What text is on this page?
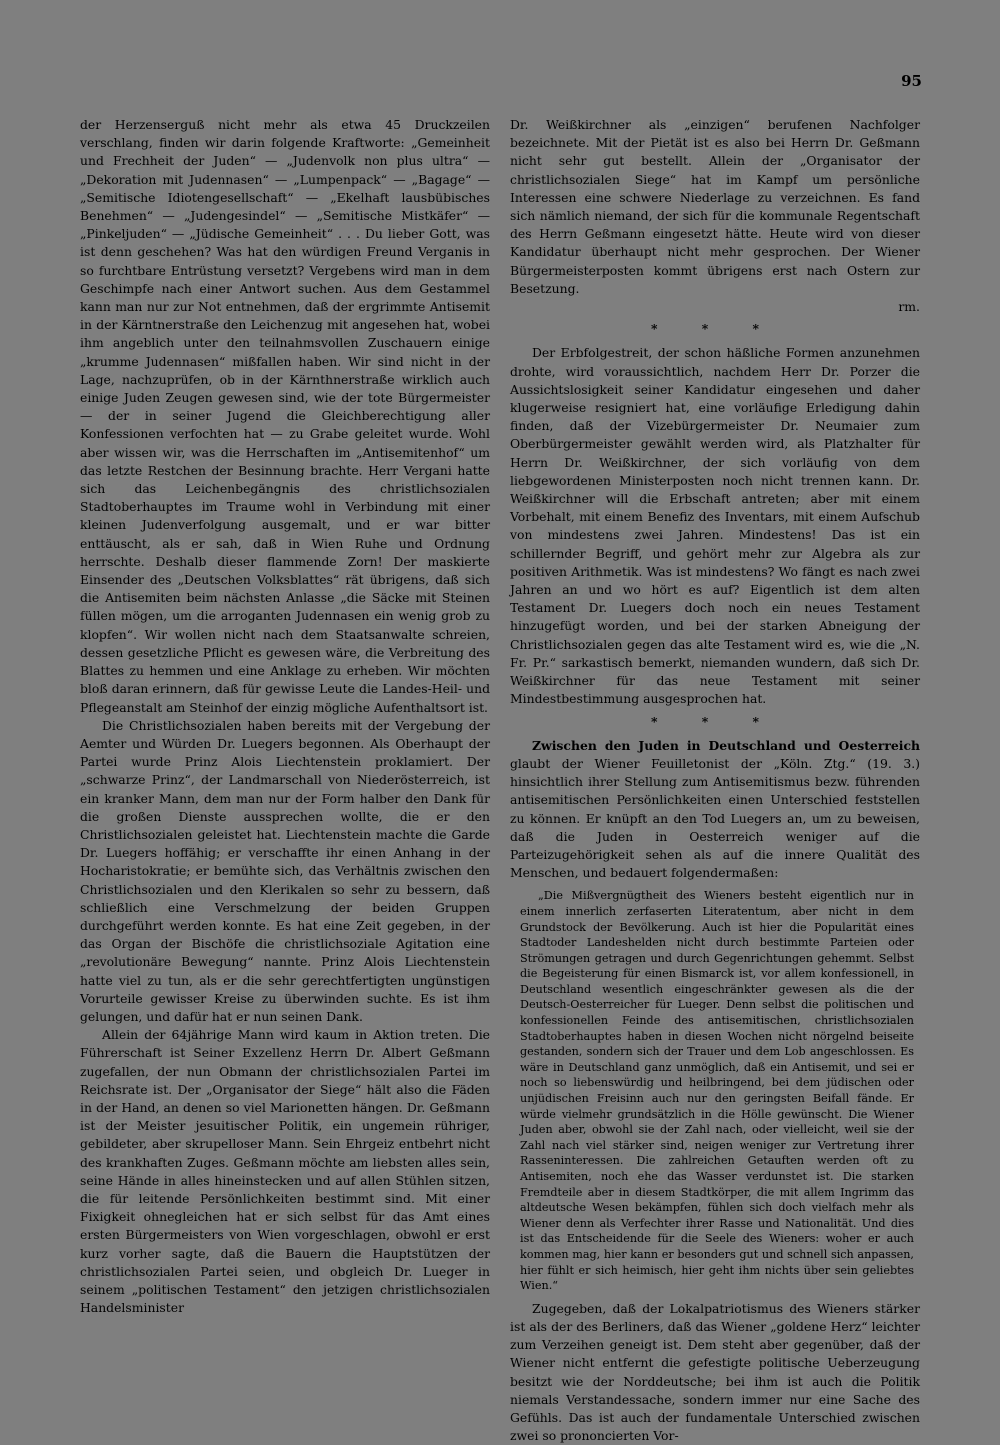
95

der Herzenserguß nicht mehr als etwa 45 Druckzeilen verschlang, finden wir darin folgende Kraftworte: „Gemeinheit und Frechheit der Juden“ — „Judenvolk non plus ultra“ — „Dekoration mit Judennasen“ — „Lumpenpack“ — „Bagage“ — „Semitische Idiotengesellschaft“ — „Ekelhaft lausbübisches Benehmen“ — „Judengesindel“ — „Semitische Mistkäfer“ — „Pinkeljuden“ — „Jüdische Gemeinheit“ . . . Du lieber Gott, was ist denn geschehen? Was hat den würdigen Freund Verganis in so furchtbare Entrüstung versetzt? Vergebens wird man in dem Geschimpfe nach einer Antwort suchen. Aus dem Gestammel kann man nur zur Not entnehmen, daß der ergrimmte Antisemit in der Kärntnerstraße den Leichenzug mit angesehen hat, wobei ihm angeblich unter den teilnahmsvollen Zuschauern einige „krumme Judennasen“ mißfallen haben. Wir sind nicht in der Lage, nachzuprüfen, ob in der Kärnthnerstraße wirklich auch einige Juden Zeugen gewesen sind, wie der tote Bürgermeister — der in seiner Jugend die Gleichberechtigung aller Konfessionen verfochten hat — zu Grabe geleitet wurde. Wohl aber wissen wir, was die Herrschaften im „Antisemitenhof“ um das letzte Restchen der Besinnung brachte. Herr Vergani hatte sich das Leichenbegängnis des christlichsozialen Stadtoberhauptes im Traume wohl in Verbindung mit einer kleinen Judenverfolgung ausgemalt, und er war bitter enttäuscht, als er sah, daß in Wien Ruhe und Ordnung herrschte. Deshalb dieser flammende Zorn! Der maskierte Einsender des „Deutschen Volksblattes“ rät übrigens, daß sich die Antisemiten beim nächsten Anlasse „die Säcke mit Steinen füllen mögen, um die arroganten Judennasen ein wenig grob zu klopfen“. Wir wollen nicht nach dem Staatsanwalte schreien, dessen gesetzliche Pflicht es gewesen wäre, die Verbreitung des Blattes zu hemmen und eine Anklage zu erheben. Wir möchten bloß daran erinnern, daß für gewisse Leute die Landes-Heil- und Pflegeanstalt am Steinhof der einzig mögliche Aufenthaltsort ist.

Die Christlichsozialen haben bereits mit der Vergebung der Aemter und Würden Dr. Luegers begonnen. Als Oberhaupt der Partei wurde Prinz Alois Liechtenstein proklamiert. Der „schwarze Prinz“, der Landmarschall von Niederösterreich, ist ein kranker Mann, dem man nur der Form halber den Dank für die großen Dienste aussprechen wollte, die er den Christlichsozialen geleistet hat. Liechtenstein machte die Garde Dr. Luegers hoffähig; er verschaffte ihr einen Anhang in der Hocharistokratie; er bemühte sich, das Verhältnis zwischen den Christlichsozialen und den Klerikalen so sehr zu bessern, daß schließlich eine Verschmelzung der beiden Gruppen durchgeführt werden konnte. Es hat eine Zeit gegeben, in der das Organ der Bischöfe die christlichsoziale Agitation eine „revolutionäre Bewegung“ nannte. Prinz Alois Liechtenstein hatte viel zu tun, als er die sehr gerechtfertigten ungünstigen Vorurteile gewisser Kreise zu überwinden suchte. Es ist ihm gelungen, und dafür hat er nun seinen Dank.

Allein der 64jährige Mann wird kaum in Aktion treten. Die Führerschaft ist Seiner Exzellenz Herrn Dr. Albert Geßmann zugefallen, der nun Obmann der christlichsozialen Partei im Reichsrate ist. Der „Organisator der Siege“ hält also die Fäden in der Hand, an denen so viel Marionetten hängen. Dr. Geßmann ist der Meister jesuitischer Politik, ein ungemein rühriger, gebildeter, aber skrupelloser Mann. Sein Ehrgeiz entbehrt nicht des krankhaften Zuges. Geßmann möchte am liebsten alles sein, seine Hände in alles hineinstecken und auf allen Stühlen sitzen, die für leitende Persönlichkeiten bestimmt sind. Mit einer Fixigkeit ohnegleichen hat er sich selbst für das Amt eines ersten Bürgermeisters von Wien vorgeschlagen, obwohl er erst kurz vorher sagte, daß die Bauern die Hauptstützen der christlichsozialen Partei seien, und obgleich Dr. Lueger in seinem „politischen Testament“ den jetzigen christlichsozialen Handelsminister

Dr. Weißkirchner als „einzigen“ berufenen Nachfolger bezeichnete. Mit der Pietät ist es also bei Herrn Dr. Geßmann nicht sehr gut bestellt. Allein der „Organisator der christlichsozialen Siege“ hat im Kampf um persönliche Interessen eine schwere Niederlage zu verzeichnen. Es fand sich nämlich niemand, der sich für die kommunale Regentschaft des Herrn Geßmann eingesetzt hätte. Heute wird von dieser Kandidatur überhaupt nicht mehr gesprochen. Der Wiener Bürgermeisterposten kommt übrigens erst nach Ostern zur Besetzung.

rm.

* * *

Der Erbfolgestreit, der schon häßliche Formen anzunehmen drohte, wird voraussichtlich, nachdem Herr Dr. Porzer die Aussichtslosigkeit seiner Kandidatur eingesehen und daher klugerweise resigniert hat, eine vorläufige Erledigung dahin finden, daß der Vizebürgermeister Dr. Neumaier zum Oberbürgermeister gewählt werden wird, als Platzhalter für Herrn Dr. Weißkirchner, der sich vorläufig von dem liebgewordenen Ministerposten noch nicht trennen kann. Dr. Weißkirchner will die Erbschaft antreten; aber mit einem Vorbehalt, mit einem Benefiz des Inventars, mit einem Aufschub von mindestens zwei Jahren. Mindestens! Das ist ein schillernder Begriff, und gehört mehr zur Algebra als zur positiven Arithmetik. Was ist mindestens? Wo fängt es nach zwei Jahren an und wo hört es auf? Eigentlich ist dem alten Testament Dr. Luegers doch noch ein neues Testament hinzugefügt worden, und bei der starken Abneigung der Christlichsozialen gegen das alte Testament wird es, wie die „N. Fr. Pr.“ sarkastisch bemerkt, niemanden wundern, daß sich Dr. Weißkirchner für das neue Testament mit seiner Mindestbestimmung ausgesprochen hat.

* * *

Zwischen den Juden in Deutschland und Oesterreich glaubt der Wiener Feuilletonist der „Köln. Ztg.“ (19. 3.) hinsichtlich ihrer Stellung zum Antisemitismus bezw. führenden antisemitischen Persönlichkeiten einen Unterschied feststellen zu können. Er knüpft an den Tod Luegers an, um zu beweisen, daß die Juden in Oesterreich weniger auf die Parteizugehörigkeit sehen als auf die innere Qualität des Menschen, und bedauert folgendermaßen:

„Die Mißvergnügtheit des Wieners besteht eigentlich nur in einem innerlich zerfaserten Literatentum, aber nicht in dem Grundstock der Bevölkerung. Auch ist hier die Popularität eines Stadtoder Landeshelden nicht durch bestimmte Parteien oder Strömungen getragen und durch Gegenrichtungen gehemmt. Selbst die Begeisterung für einen Bismarck ist, vor allem konfessionell, in Deutschland wesentlich eingeschränkter gewesen als die der Deutsch-Oesterreicher für Lueger. Denn selbst die politischen und konfessionellen Feinde des antisemitischen, christlichsozialen Stadtoberhauptes haben in diesen Wochen nicht nörgelnd beiseite gestanden, sondern sich der Trauer und dem Lob angeschlossen. Es wäre in Deutschland ganz unmöglich, daß ein Antisemit, und sei er noch so liebenswürdig und heilbringend, bei dem jüdischen oder unjüdischen Freisinn auch nur den geringsten Beifall fände. Er würde vielmehr grundsätzlich in die Hölle gewünscht. Die Wiener Juden aber, obwohl sie der Zahl nach, oder vielleicht, weil sie der Zahl nach viel stärker sind, neigen weniger zur Vertretung ihrer Rasseninteressen. Die zahlreichen Getauften werden oft zu Antisemiten, noch ehe das Wasser verdunstet ist. Die starken Fremdteile aber in diesem Stadtkörper, die mit allem Ingrimm das altdeutsche Wesen bekämpfen, fühlen sich doch vielfach mehr als Wiener denn als Verfechter ihrer Rasse und Nationalität. Und dies ist das Entscheidende für die Seele des Wieners: woher er auch kommen mag, hier kann er besonders gut und schnell sich anpassen, hier fühlt er sich heimisch, hier geht ihm nichts über sein geliebtes Wien.“

Zugegeben, daß der Lokalpatriotismus des Wieners stärker ist als der des Berliners, daß das Wiener „goldene Herz“ leichter zum Verzeihen geneigt ist. Dem steht aber gegenüber, daß der Wiener nicht entfernt die gefestigte politische Ueberzeugung besitzt wie der Norddeutsche; bei ihm ist auch die Politik niemals Verstandessache, sondern immer nur eine Sache des Gefühls. Das ist auch der fundamentale Unterschied zwischen zwei so prononcierten Vor-
